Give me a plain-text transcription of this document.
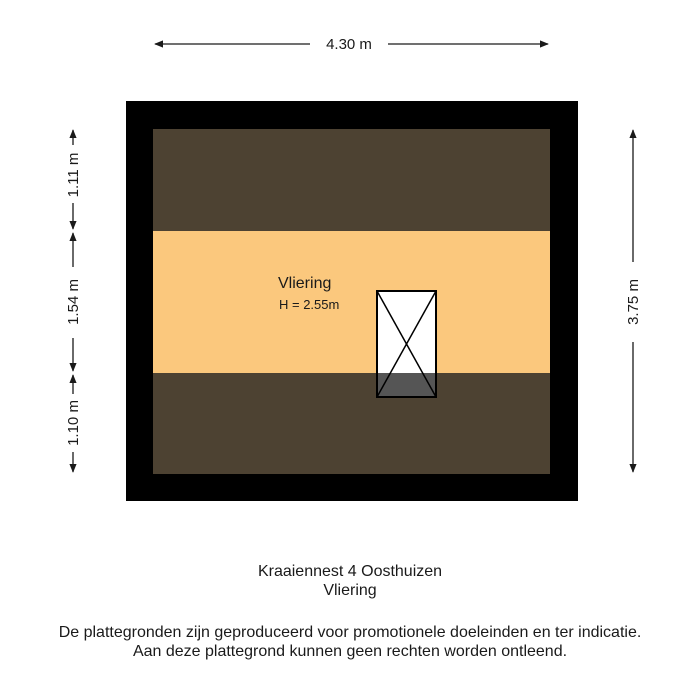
Vliering
H = 2.55m
4.30 m
3.75 m
1.11 m
1.54 m
1.10 m
Kraaiennest 4 Oosthuizen
Vliering
De plattegronden zijn geproduceerd voor promotionele doeleinden en ter indicatie.
Aan deze plattegrond kunnen geen rechten worden ontleend.
